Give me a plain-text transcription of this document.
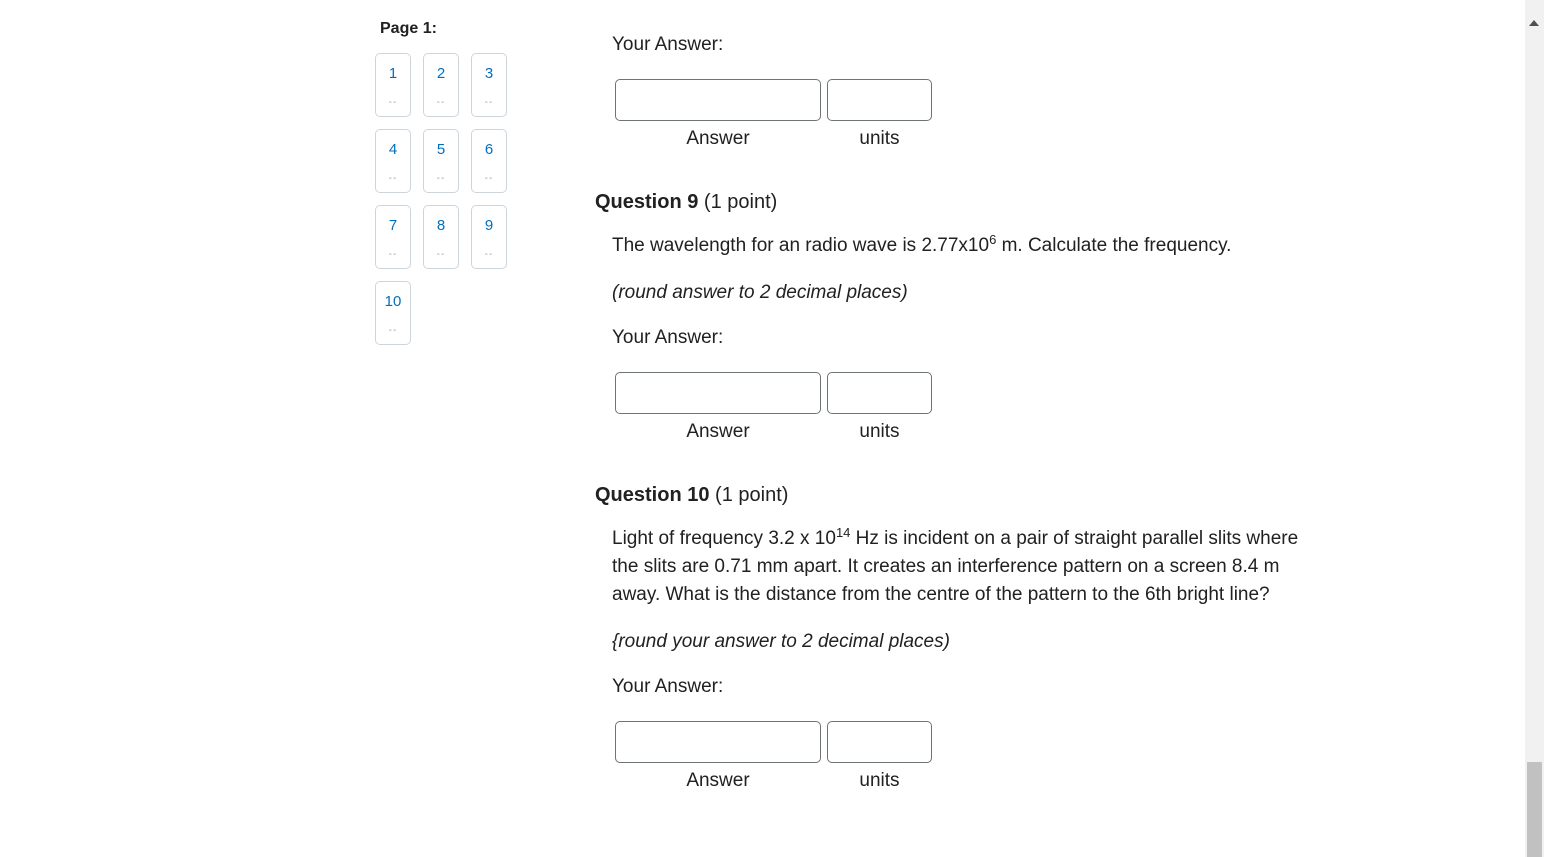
Page 1:
1
--
2
--
3
--
4
--
5
--
6
--
7
--
8
--
9
--
10
--
Your Answer:
Answer	units
Question 9 (1 point)
The wavelength for an radio wave is $2.77x10^6$ m. Calculate the frequency.
(round answer to 2 decimal places)
Your Answer:
Answer	units
Question 10 (1 point)
Light of frequency 3.2 x $10^{14}$ Hz is incident on a pair of straight parallel slits where the slits are 0.71 mm apart. It creates an interference pattern on a screen 8.4 m away. What is the distance from the centre of the pattern to the 6th bright line?
{round your answer to 2 decimal places)
Your Answer:
Answer	units
